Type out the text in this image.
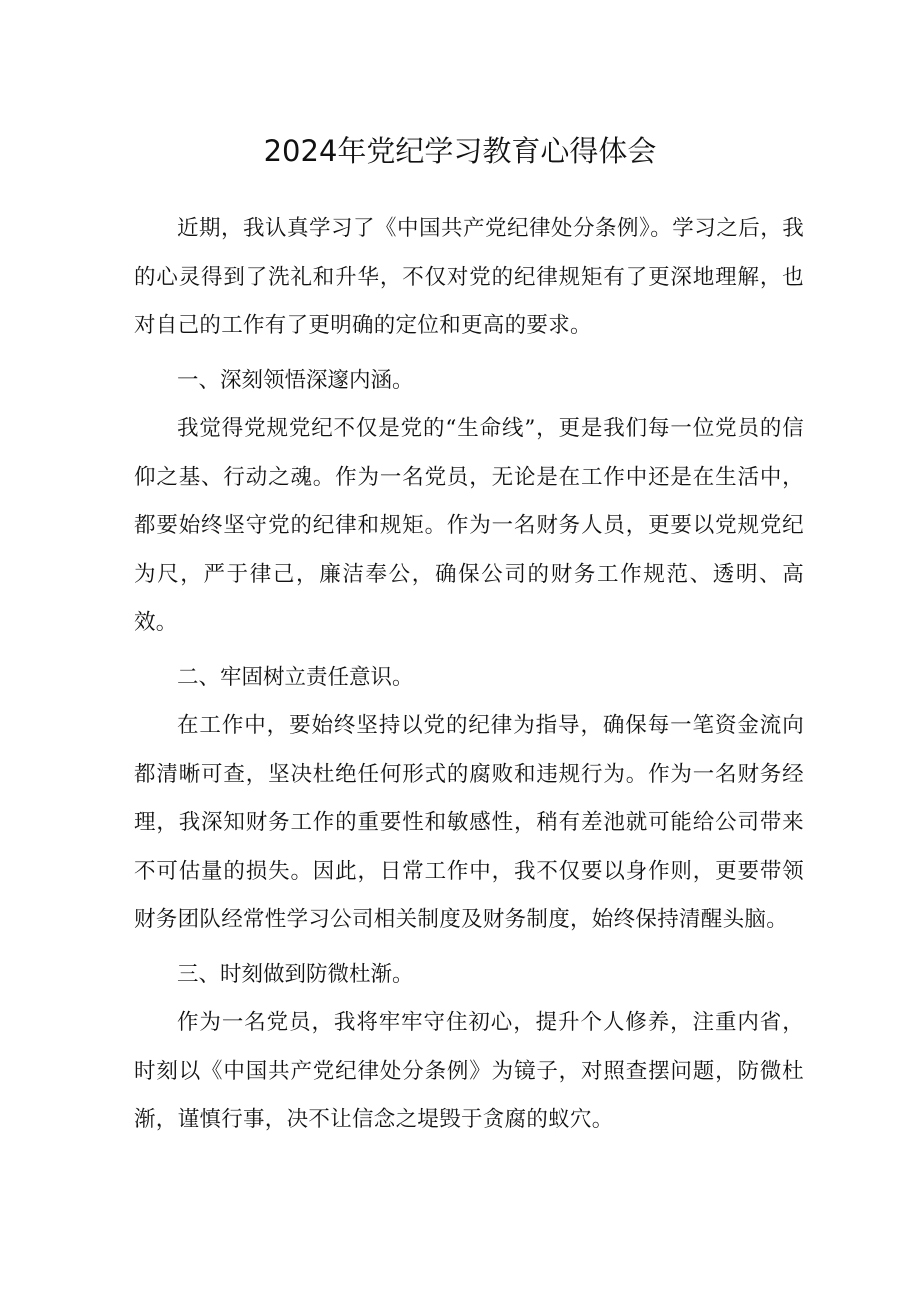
2024年党纪学习教育心得体会

近期，我认真学习了《中国共产党纪律处分条例》。学习之后，我的心灵得到了洗礼和升华，不仅对党的纪律规矩有了更深地理解，也对自己的工作有了更明确的定位和更高的要求。

一、深刻领悟深邃内涵。

我觉得党规党纪不仅是党的“生命线”，更是我们每一位党员的信仰之基、行动之魂。作为一名党员，无论是在工作中还是在生活中，都要始终坚守党的纪律和规矩。作为一名财务人员，更要以党规党纪为尺，严于律己，廉洁奉公，确保公司的财务工作规范、透明、高效。

二、牢固树立责任意识。

在工作中，要始终坚持以党的纪律为指导，确保每一笔资金流向都清晰可查，坚决杜绝任何形式的腐败和违规行为。作为一名财务经理，我深知财务工作的重要性和敏感性，稍有差池就可能给公司带来不可估量的损失。因此，日常工作中，我不仅要以身作则，更要带领财务团队经常性学习公司相关制度及财务制度，始终保持清醒头脑。

三、时刻做到防微杜渐。

作为一名党员，我将牢牢守住初心，提升个人修养，注重内省，时刻以《中国共产党纪律处分条例》为镜子，对照查摆问题，防微杜渐，谨慎行事，决不让信念之堤毁于贪腐的蚁穴。
